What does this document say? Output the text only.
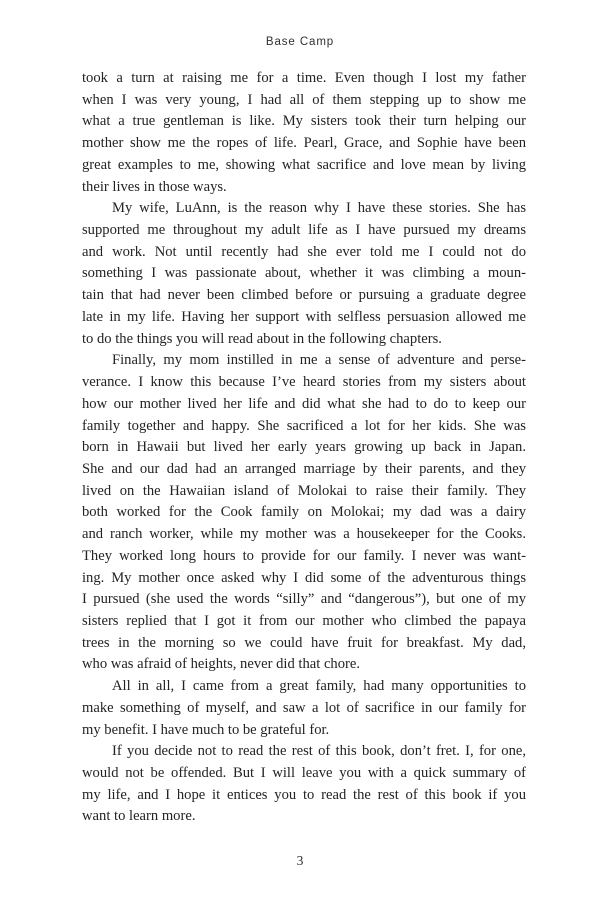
Base Camp
took a turn at raising me for a time. Even though I lost my father
when I was very young, I had all of them stepping up to show me
what a true gentleman is like. My sisters took their turn helping our
mother show me the ropes of life. Pearl, Grace, and Sophie have been
great examples to me, showing what sacrifice and love mean by living
their lives in those ways.
My wife, LuAnn, is the reason why I have these stories. She has
supported me throughout my adult life as I have pursued my dreams
and work. Not until recently had she ever told me I could not do
something I was passionate about, whether it was climbing a moun-
tain that had never been climbed before or pursuing a graduate degree
late in my life. Having her support with selfless persuasion allowed me
to do the things you will read about in the following chapters.
Finally, my mom instilled in me a sense of adventure and perse-
verance. I know this because I’ve heard stories from my sisters about
how our mother lived her life and did what she had to do to keep our
family together and happy. She sacrificed a lot for her kids. She was
born in Hawaii but lived her early years growing up back in Japan.
She and our dad had an arranged marriage by their parents, and they
lived on the Hawaiian island of Molokai to raise their family. They
both worked for the Cook family on Molokai; my dad was a dairy
and ranch worker, while my mother was a housekeeper for the Cooks.
They worked long hours to provide for our family. I never was want-
ing. My mother once asked why I did some of the adventurous things
I pursued (she used the words “silly” and “dangerous”), but one of my
sisters replied that I got it from our mother who climbed the papaya
trees in the morning so we could have fruit for breakfast. My dad,
who was afraid of heights, never did that chore.
All in all, I came from a great family, had many opportunities to
make something of myself, and saw a lot of sacrifice in our family for
my benefit. I have much to be grateful for.
If you decide not to read the rest of this book, don’t fret. I, for one,
would not be offended. But I will leave you with a quick summary of
my life, and I hope it entices you to read the rest of this book if you
want to learn more.
3
